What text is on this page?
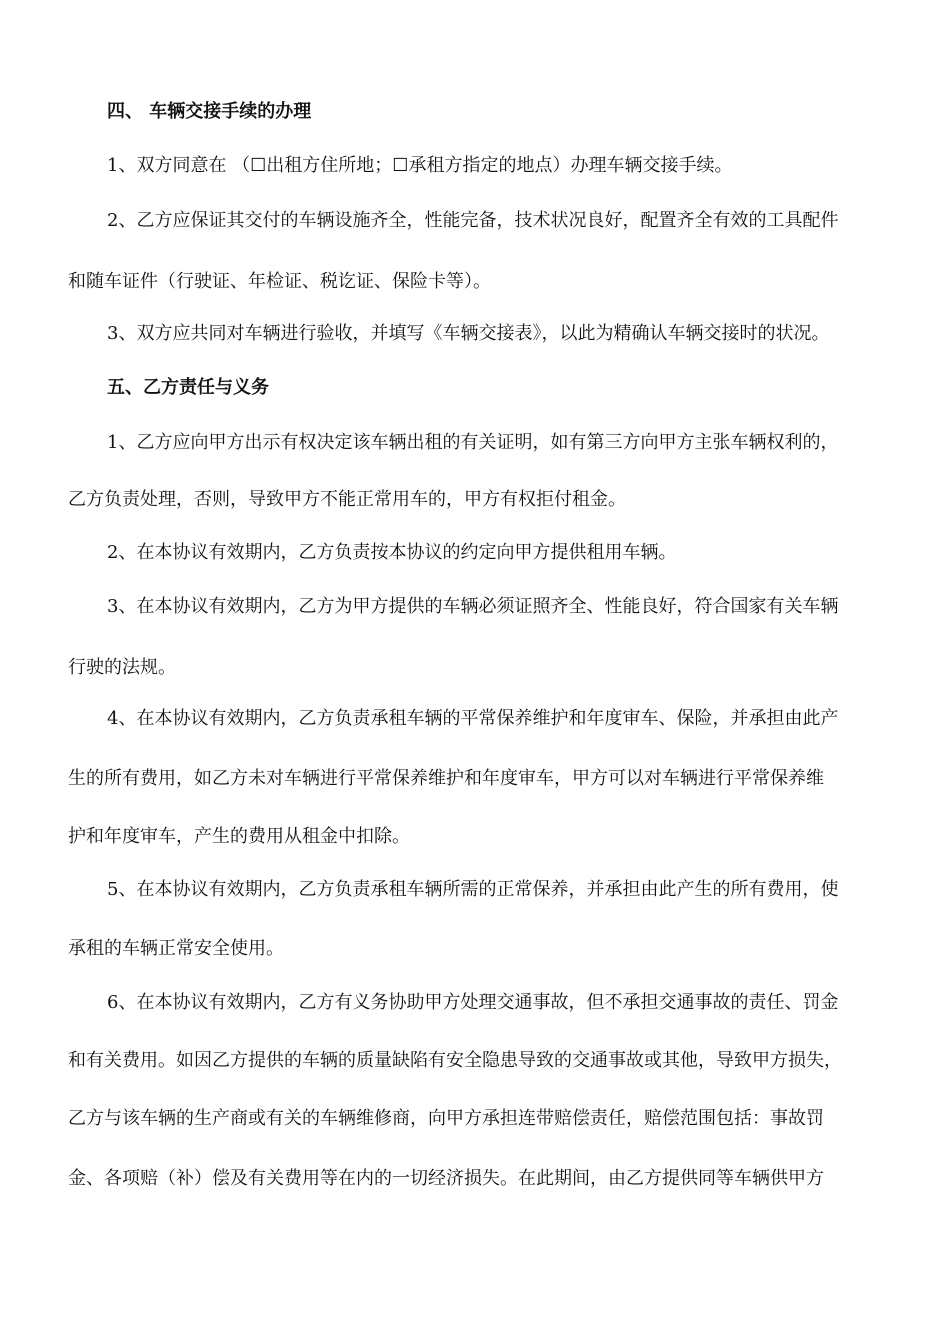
四、 车辆交接手续的办理
1、双方同意在 （☐出租方住所地；☐承租方指定的地点）办理车辆交接手续。
2、乙方应保证其交付的车辆设施齐全，性能完备，技术状况良好，配置齐全有效的工具配件
和随车证件（行驶证、年检证、税讫证、保险卡等）。
3、双方应共同对车辆进行验收，并填写《车辆交接表》，以此为精确认车辆交接时的状况。
五、乙方责任与义务
1、乙方应向甲方出示有权决定该车辆出租的有关证明，如有第三方向甲方主张车辆权利的，
乙方负责处理，否则，导致甲方不能正常用车的，甲方有权拒付租金。
2、在本协议有效期内，乙方负责按本协议的约定向甲方提供租用车辆。
3、在本协议有效期内，乙方为甲方提供的车辆必须证照齐全、性能良好，符合国家有关车辆
行驶的法规。
4、在本协议有效期内，乙方负责承租车辆的平常保养维护和年度审车、保险，并承担由此产
生的所有费用，如乙方未对车辆进行平常保养维护和年度审车，甲方可以对车辆进行平常保养维
护和年度审车，产生的费用从租金中扣除。
5、在本协议有效期内，乙方负责承租车辆所需的正常保养，并承担由此产生的所有费用，使
承租的车辆正常安全使用。
6、在本协议有效期内，乙方有义务协助甲方处理交通事故，但不承担交通事故的责任、罚金
和有关费用。如因乙方提供的车辆的质量缺陷有安全隐患导致的交通事故或其他，导致甲方损失，
乙方与该车辆的生产商或有关的车辆维修商，向甲方承担连带赔偿责任，赔偿范围包括：事故罚
金、各项赔（补）偿及有关费用等在内的一切经济损失。在此期间，由乙方提供同等车辆供甲方
